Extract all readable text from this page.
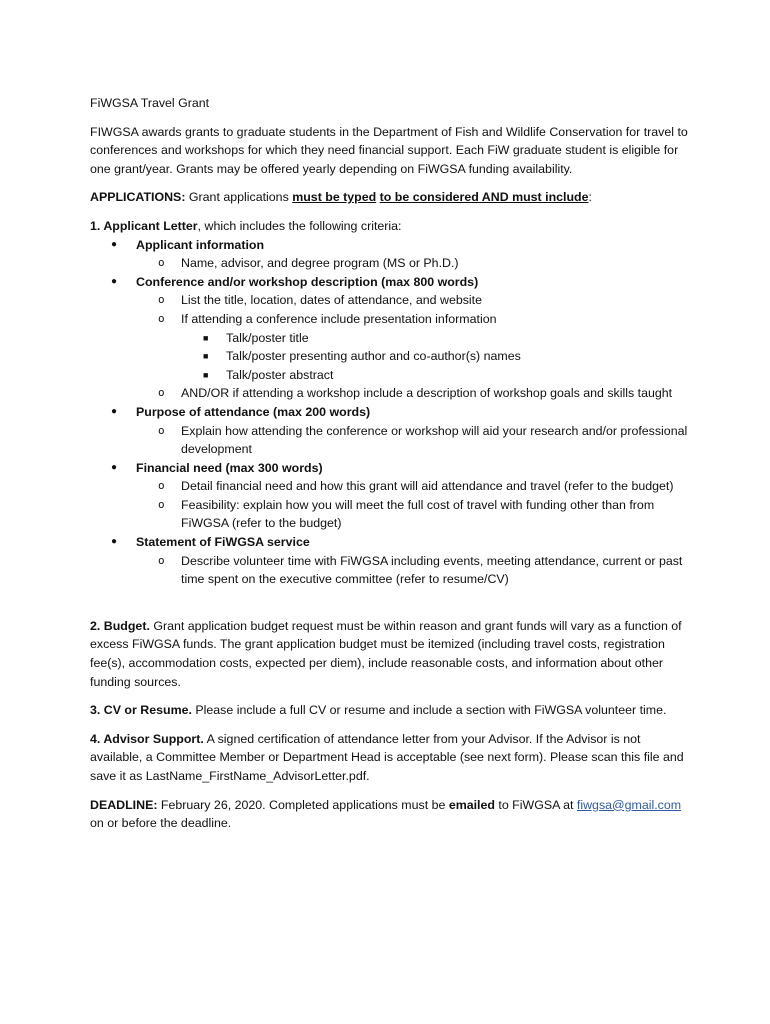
FiWGSA Travel Grant

FIWGSA awards grants to graduate students in the Department of Fish and Wildlife Conservation for travel to conferences and workshops for which they need financial support. Each FiW graduate student is eligible for one grant/year. Grants may be offered yearly depending on FiWGSA funding availability.

APPLICATIONS: Grant applications must be typed to be considered AND must include:

1. Applicant Letter, which includes the following criteria:

● Applicant information
o Name, advisor, and degree program (MS or Ph.D.)
● Conference and/or workshop description (max 800 words)
o List the title, location, dates of attendance, and website
o If attending a conference include presentation information
■ Talk/poster title
■ Talk/poster presenting author and co-author(s) names
■ Talk/poster abstract
o AND/OR if attending a workshop include a description of workshop goals and skills taught
● Purpose of attendance (max 200 words)
o Explain how attending the conference or workshop will aid your research and/or professional development
● Financial need (max 300 words)
o Detail financial need and how this grant will aid attendance and travel (refer to the budget)
o Feasibility: explain how you will meet the full cost of travel with funding other than from FiWGSA (refer to the budget)
● Statement of FiWGSA service
o Describe volunteer time with FiWGSA including events, meeting attendance, current or past time spent on the executive committee (refer to resume/CV)

2. Budget. Grant application budget request must be within reason and grant funds will vary as a function of excess FiWGSA funds. The grant application budget must be itemized (including travel costs, registration fee(s), accommodation costs, expected per diem), include reasonable costs, and information about other funding sources.

3. CV or Resume. Please include a full CV or resume and include a section with FiWGSA volunteer time.

4. Advisor Support. A signed certification of attendance letter from your Advisor. If the Advisor is not available, a Committee Member or Department Head is acceptable (see next form). Please scan this file and save it as LastName_FirstName_AdvisorLetter.pdf.

DEADLINE: February 26, 2020. Completed applications must be emailed to FiWGSA at fiwgsa@gmail.com on or before the deadline.
